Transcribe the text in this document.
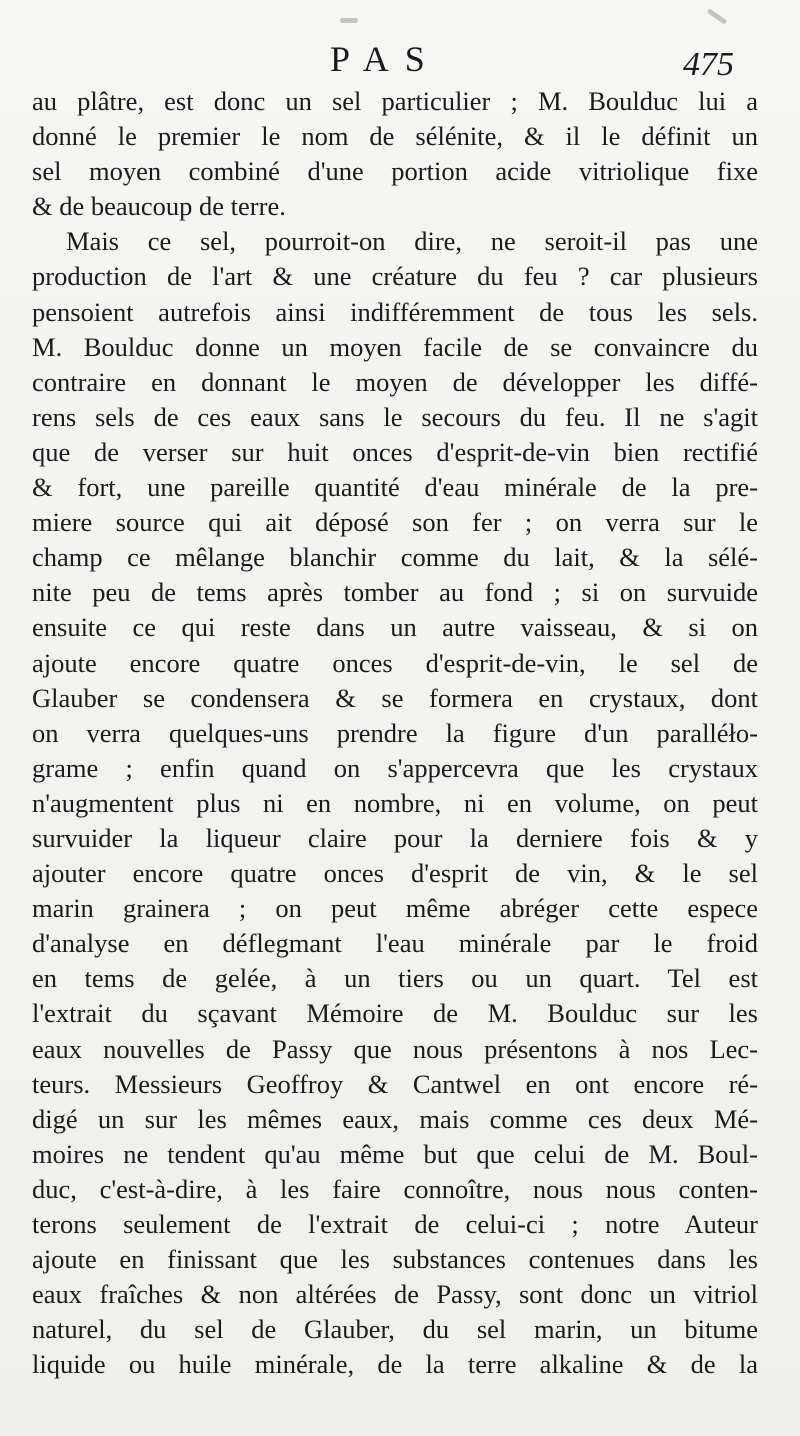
PAS	475
au plâtre, est donc un sel particulier ; M. Boulduc lui a
donné le premier le nom de sélénite, & il le définit un
sel moyen combiné d'une portion acide vitriolique fixe
& de beaucoup de terre.
Mais ce sel, pourroit-on dire, ne seroit-il pas une
production de l'art & une créature du feu ? car plusieurs
pensoient autrefois ainsi indifféremment de tous les sels.
M. Boulduc donne un moyen facile de se convaincre du
contraire en donnant le moyen de développer les diffé-
rens sels de ces eaux sans le secours du feu. Il ne s'agit
que de verser sur huit onces d'esprit-de-vin bien rectifié
& fort, une pareille quantité d'eau minérale de la pre-
miere source qui ait déposé son fer ; on verra sur le
champ ce mêlange blanchir comme du lait, & la sélé-
nite peu de tems après tomber au fond ; si on survuide
ensuite ce qui reste dans un autre vaisseau, & si on
ajoute encore quatre onces d'esprit-de-vin, le sel de
Glauber se condensera & se formera en crystaux, dont
on verra quelques-uns prendre la figure d'un paralléło-
grame ; enfin quand on s'appercevra que les crystaux
n'augmentent plus ni en nombre, ni en volume, on peut
survuider la liqueur claire pour la derniere fois & y
ajouter encore quatre onces d'esprit de vin, & le sel
marin grainera ; on peut même abréger cette espece
d'analyse en déflegmant l'eau minérale par le froid
en tems de gelée, à un tiers ou un quart. Tel est
l'extrait du sçavant Mémoire de M. Boulduc sur les
eaux nouvelles de Passy que nous présentons à nos Lec-
teurs. Messieurs Geoffroy & Cantwel en ont encore ré-
digé un sur les mêmes eaux, mais comme ces deux Mé-
moires ne tendent qu'au même but que celui de M. Boul-
duc, c'est-à-dire, à les faire connoître, nous nous conten-
terons seulement de l'extrait de celui-ci ; notre Auteur
ajoute en finissant que les substances contenues dans les
eaux fraîches & non altérées de Passy, sont donc un vitriol
naturel, du sel de Glauber, du sel marin, un bitume
liquide ou huile minérale, de la terre alkaline & de la
